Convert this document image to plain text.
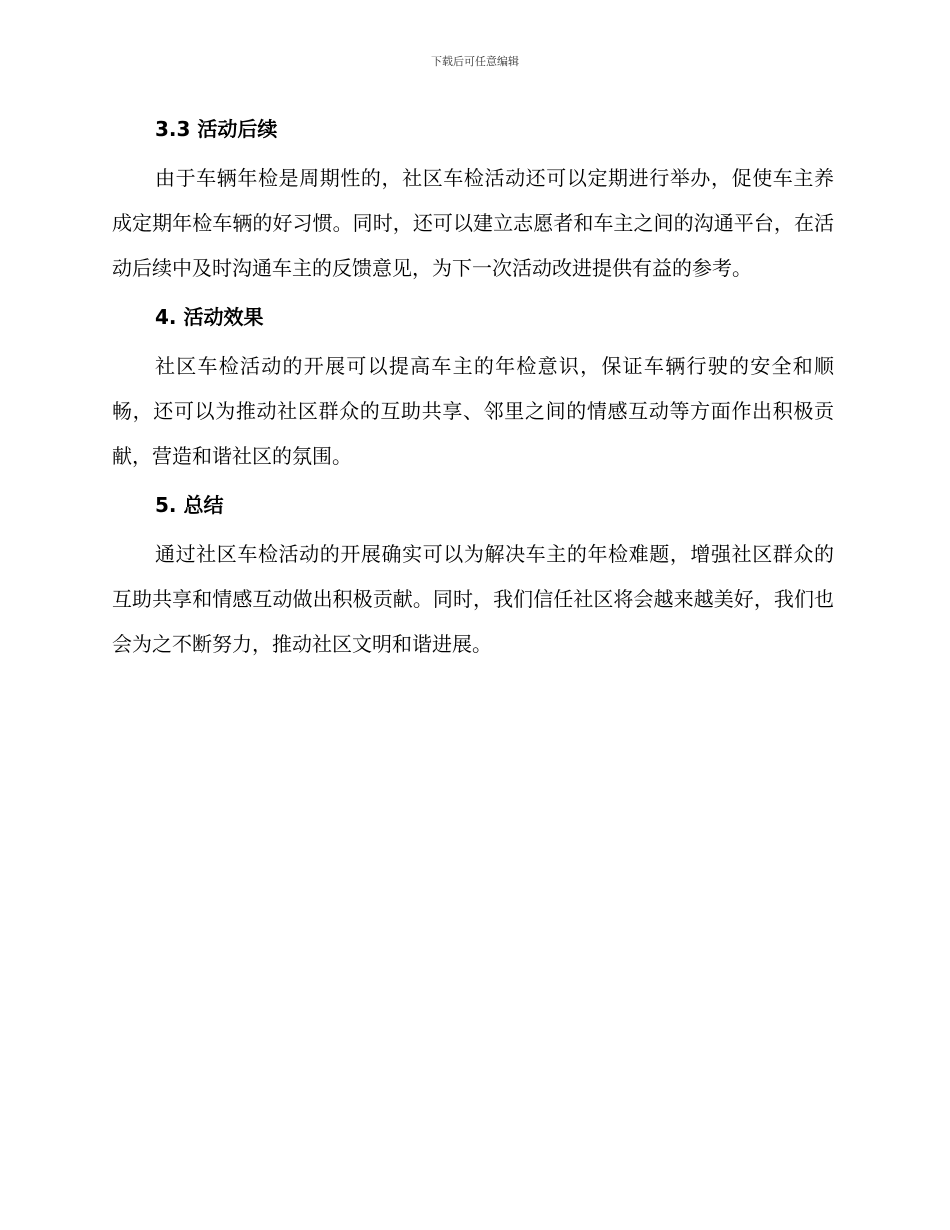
下载后可任意编辑
3.3 活动后续

由于车辆年检是周期性的，社区车检活动还可以定期进行举办，促使车主养成定期年检车辆的好习惯。同时，还可以建立志愿者和车主之间的沟通平台，在活动后续中及时沟通车主的反馈意见，为下一次活动改进提供有益的参考。

4. 活动效果

社区车检活动的开展可以提高车主的年检意识，保证车辆行驶的安全和顺畅，还可以为推动社区群众的互助共享、邻里之间的情感互动等方面作出积极贡献，营造和谐社区的氛围。

5. 总结

通过社区车检活动的开展确实可以为解决车主的年检难题，增强社区群众的互助共享和情感互动做出积极贡献。同时，我们信任社区将会越来越美好，我们也会为之不断努力，推动社区文明和谐进展。
